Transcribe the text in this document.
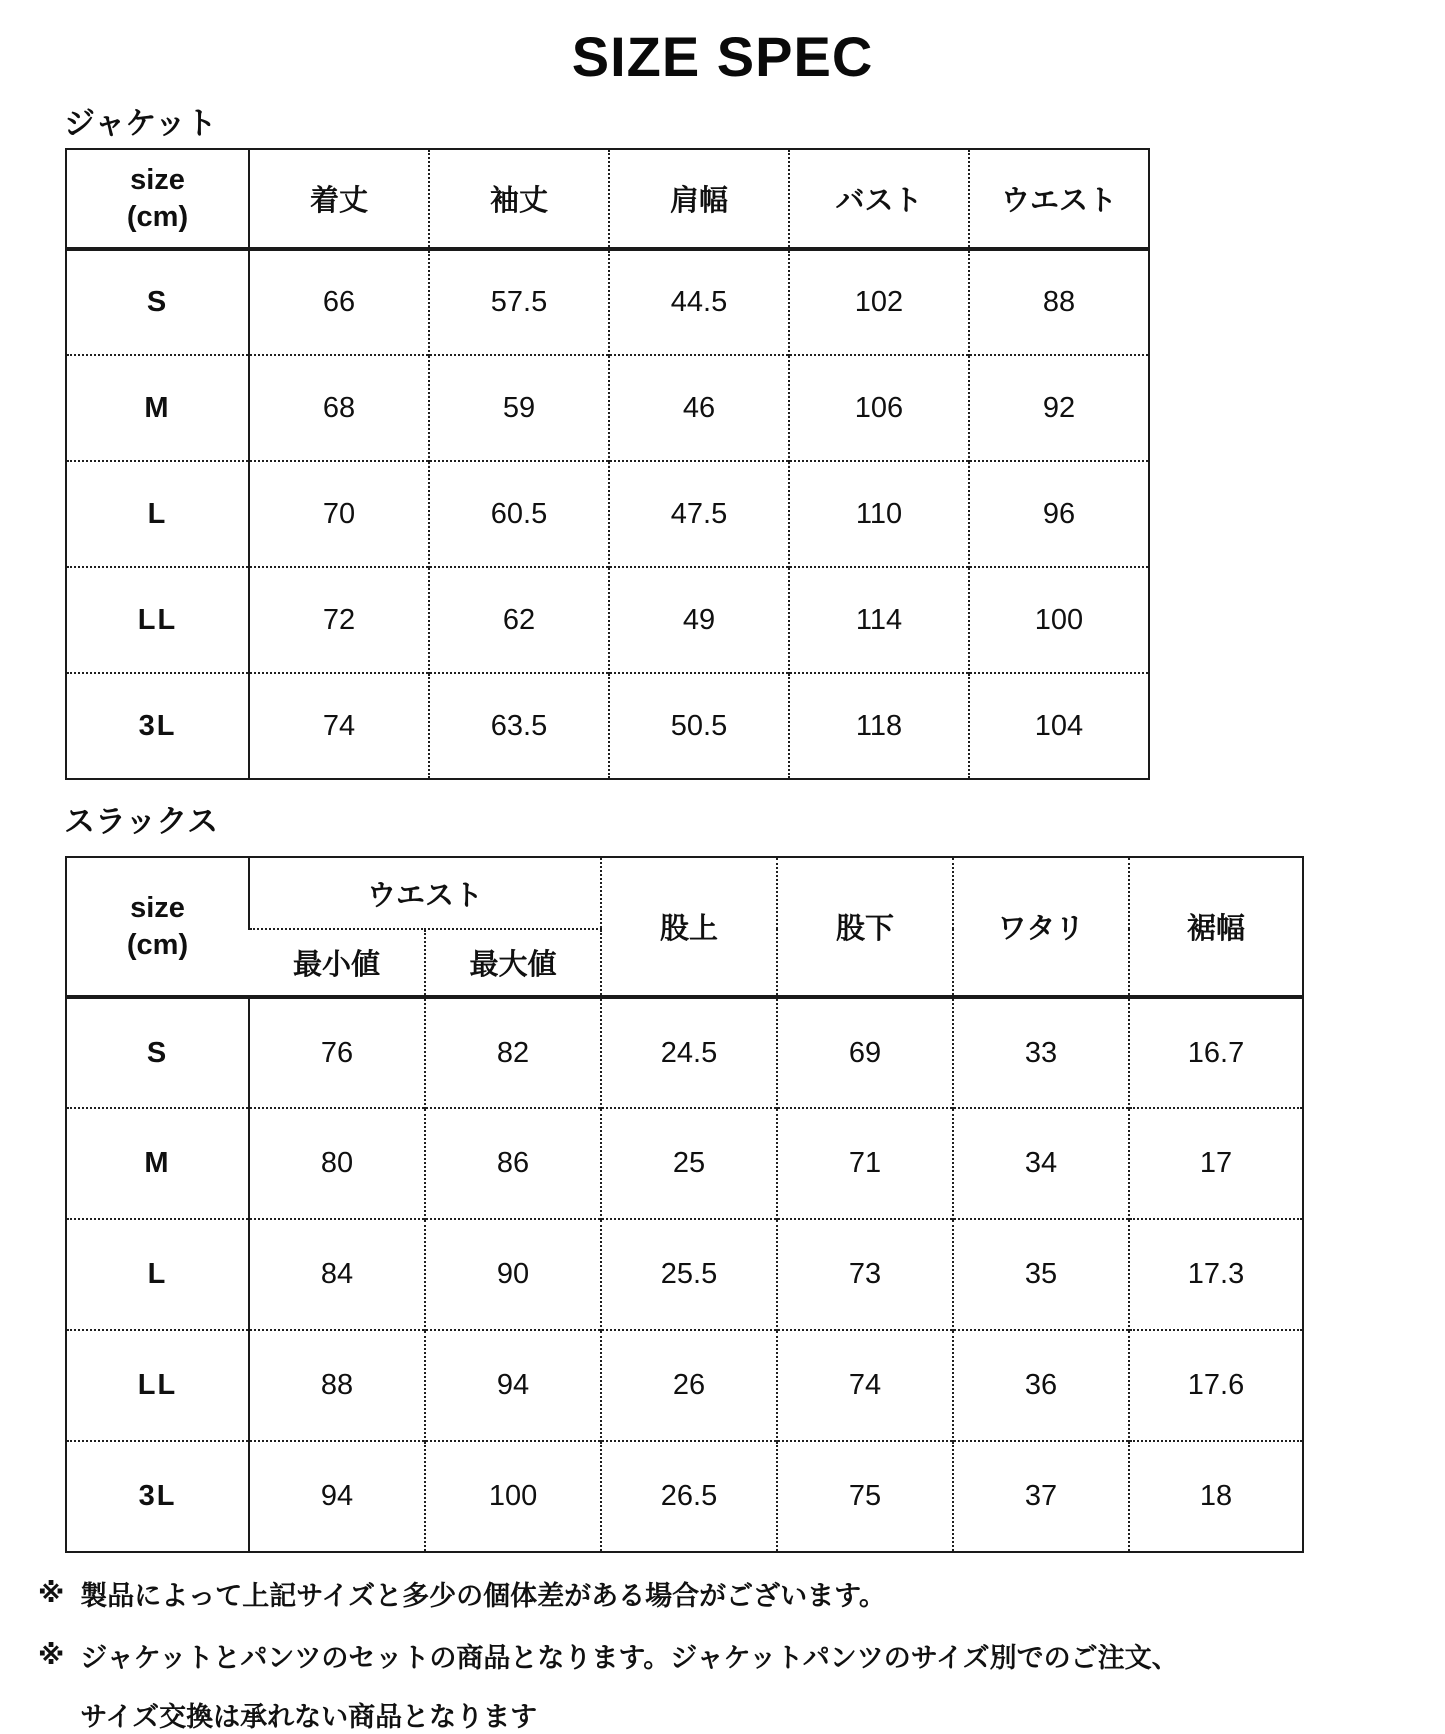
SIZE SPEC
ジャケット
size
(cm)	着丈	袖丈	肩幅	バスト	ウエスト
S	66	57.5	44.5	102	88
M	68	59	46	106	92
L	70	60.5	47.5	110	96
LL	72	62	49	114	100
3L	74	63.5	50.5	118	104
スラックス
size
(cm)	ウエスト		股上	股下	ワタリ	裾幅
	最小値	最大値				
S	76	82	24.5	69	33	16.7
M	80	86	25	71	34	17
L	84	90	25.5	73	35	17.3
LL	88	94	26	74	36	17.6
3L	94	100	26.5	75	37	18
※ 製品によって上記サイズと多少の個体差がある場合がございます。
※ ジャケットとパンツのセットの商品となります。ジャケットパンツのサイズ別でのご注文、
サイズ交換は承れない商品となります
